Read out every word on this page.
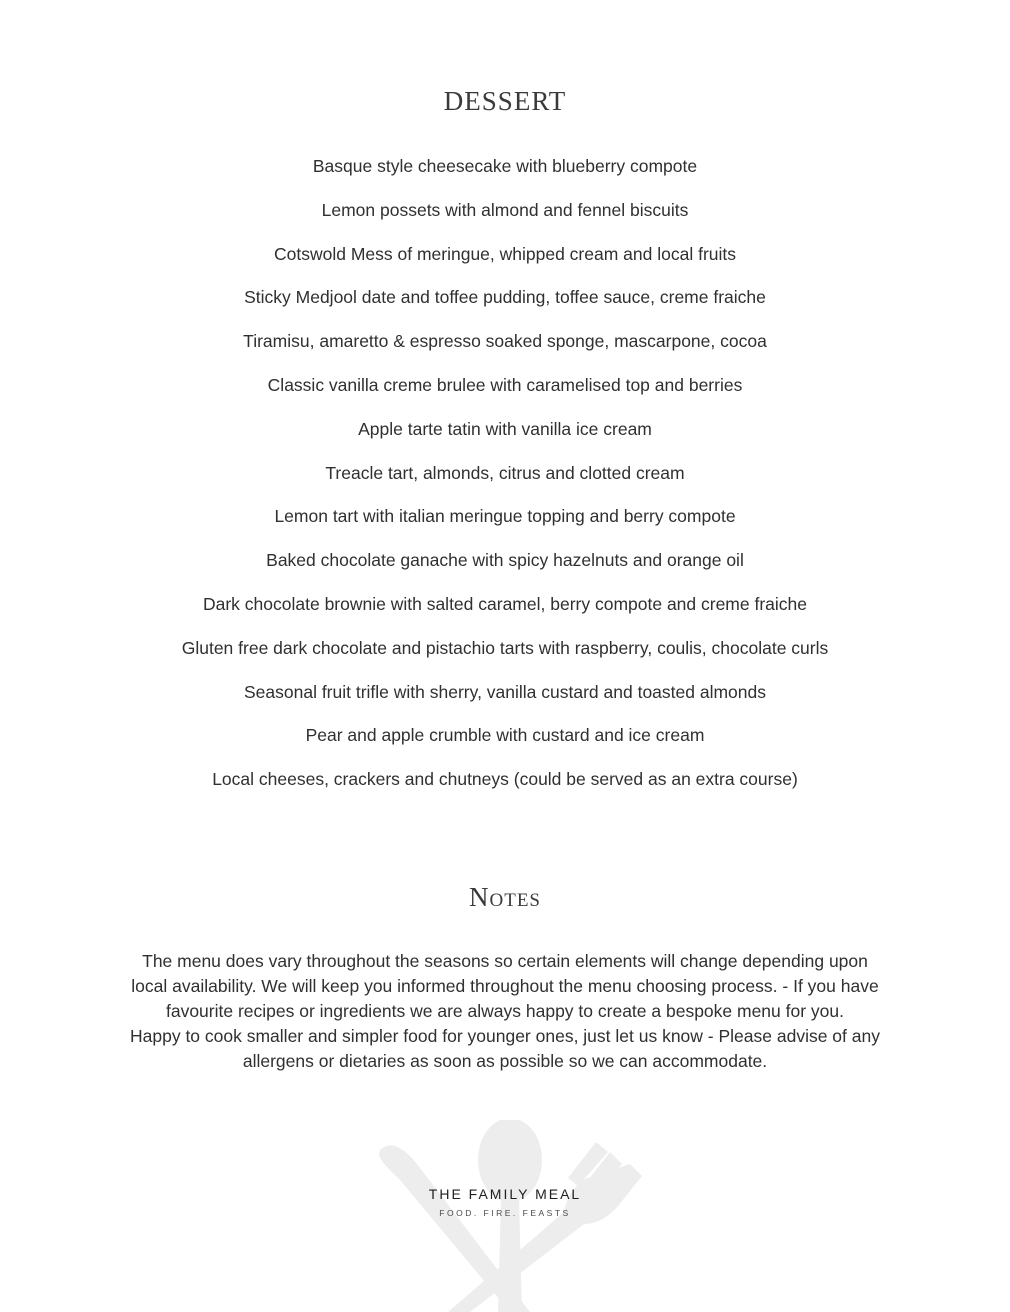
DESSERT
Basque style cheesecake with blueberry compote
Lemon possets with almond and fennel biscuits
Cotswold Mess of meringue, whipped cream and local fruits
Sticky Medjool date and toffee pudding, toffee sauce, creme fraiche
Tiramisu, amaretto & espresso soaked sponge, mascarpone, cocoa
Classic vanilla creme brulee with caramelised top and berries
Apple tarte tatin with vanilla ice cream
Treacle tart, almonds, citrus and clotted cream
Lemon tart with italian meringue topping and berry compote
Baked chocolate ganache with spicy hazelnuts and orange oil
Dark chocolate brownie with salted caramel, berry compote and creme fraiche
Gluten free dark chocolate and pistachio tarts with raspberry, coulis, chocolate curls
Seasonal fruit trifle with sherry, vanilla custard and toasted almonds
Pear and apple crumble with custard and ice cream
Local cheeses, crackers and chutneys (could be served as an extra course)
Notes

The menu does vary throughout the seasons so certain elements will change depending upon
local availability. We will keep you informed throughout the menu choosing process. - If you have
favourite recipes or ingredients we are always happy to create a bespoke menu for you.
Happy to cook smaller and simpler food for younger ones, just let us know - Please advise of any
allergens or dietaries as soon as possible so we can accommodate.

THE FAMILY MEAL
FOOD. FIRE. FEASTS
